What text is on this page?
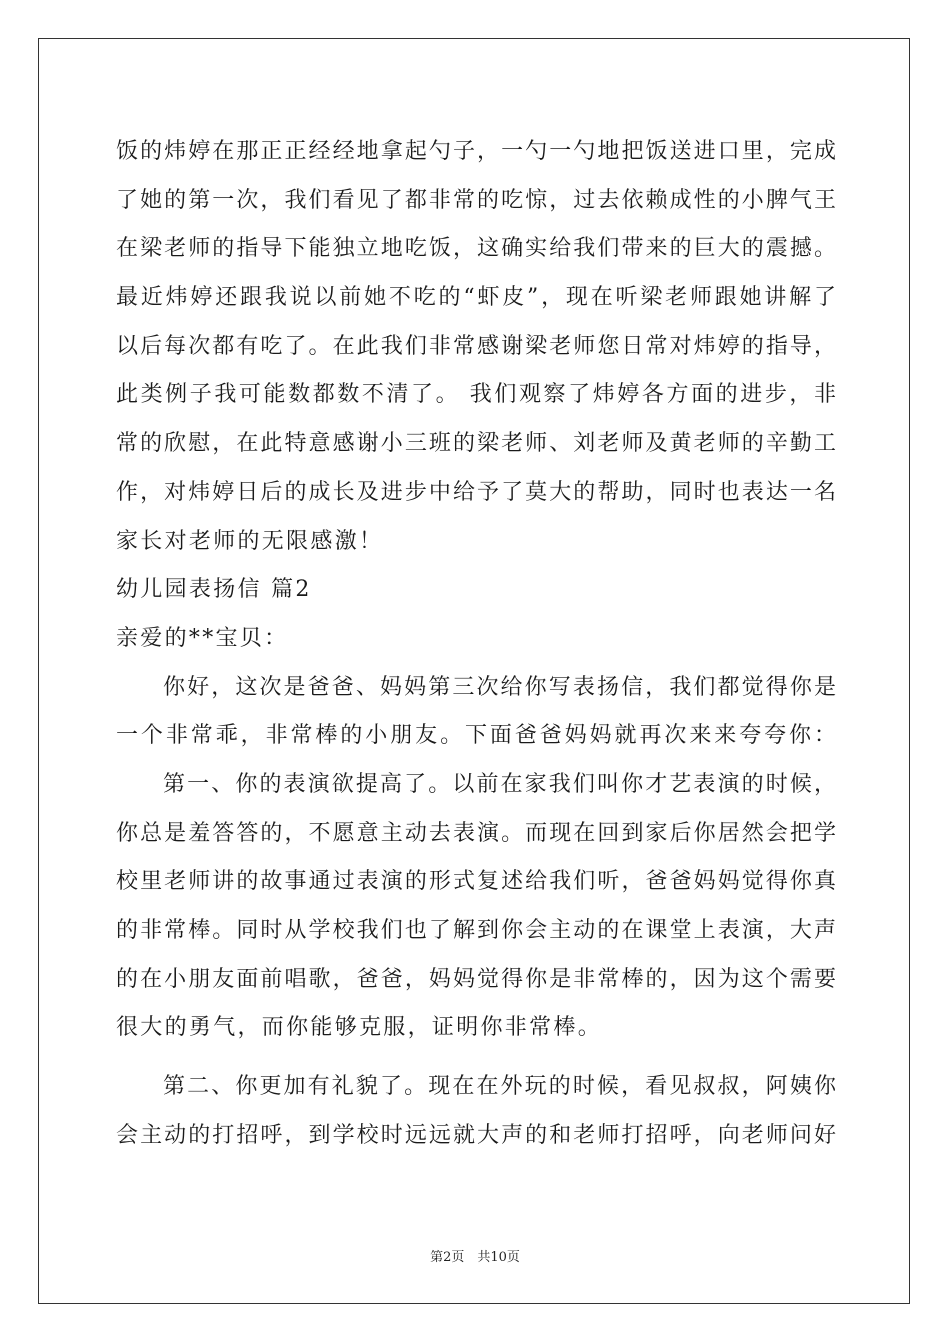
饭的炜婷在那正正经经地拿起勺子，一勺一勺地把饭送进口里，完成
了她的第一次，我们看见了都非常的吃惊，过去依赖成性的小脾气王
在梁老师的指导下能独立地吃饭，这确实给我们带来的巨大的震撼。
最近炜婷还跟我说以前她不吃的“虾皮”，现在听梁老师跟她讲解了
以后每次都有吃了。在此我们非常感谢梁老师您日常对炜婷的指导，
此类例子我可能数都数不清了。 我们观察了炜婷各方面的进步，非
常的欣慰，在此特意感谢小三班的梁老师、刘老师及黄老师的辛勤工
作，对炜婷日后的成长及进步中给予了莫大的帮助，同时也表达一名
家长对老师的无限感激！
幼儿园表扬信 篇2
亲爱的**宝贝：
你好，这次是爸爸、妈妈第三次给你写表扬信，我们都觉得你是
一个非常乖，非常棒的小朋友。下面爸爸妈妈就再次来来夸夸你：
第一、你的表演欲提高了。以前在家我们叫你才艺表演的时候，
你总是羞答答的，不愿意主动去表演。而现在回到家后你居然会把学
校里老师讲的故事通过表演的形式复述给我们听，爸爸妈妈觉得你真
的非常棒。同时从学校我们也了解到你会主动的在课堂上表演，大声
的在小朋友面前唱歌，爸爸，妈妈觉得你是非常棒的，因为这个需要
很大的勇气，而你能够克服，证明你非常棒。
第二、你更加有礼貌了。现在在外玩的时候，看见叔叔，阿姨你
会主动的打招呼，到学校时远远就大声的和老师打招呼，向老师问好
第2页　共10页
